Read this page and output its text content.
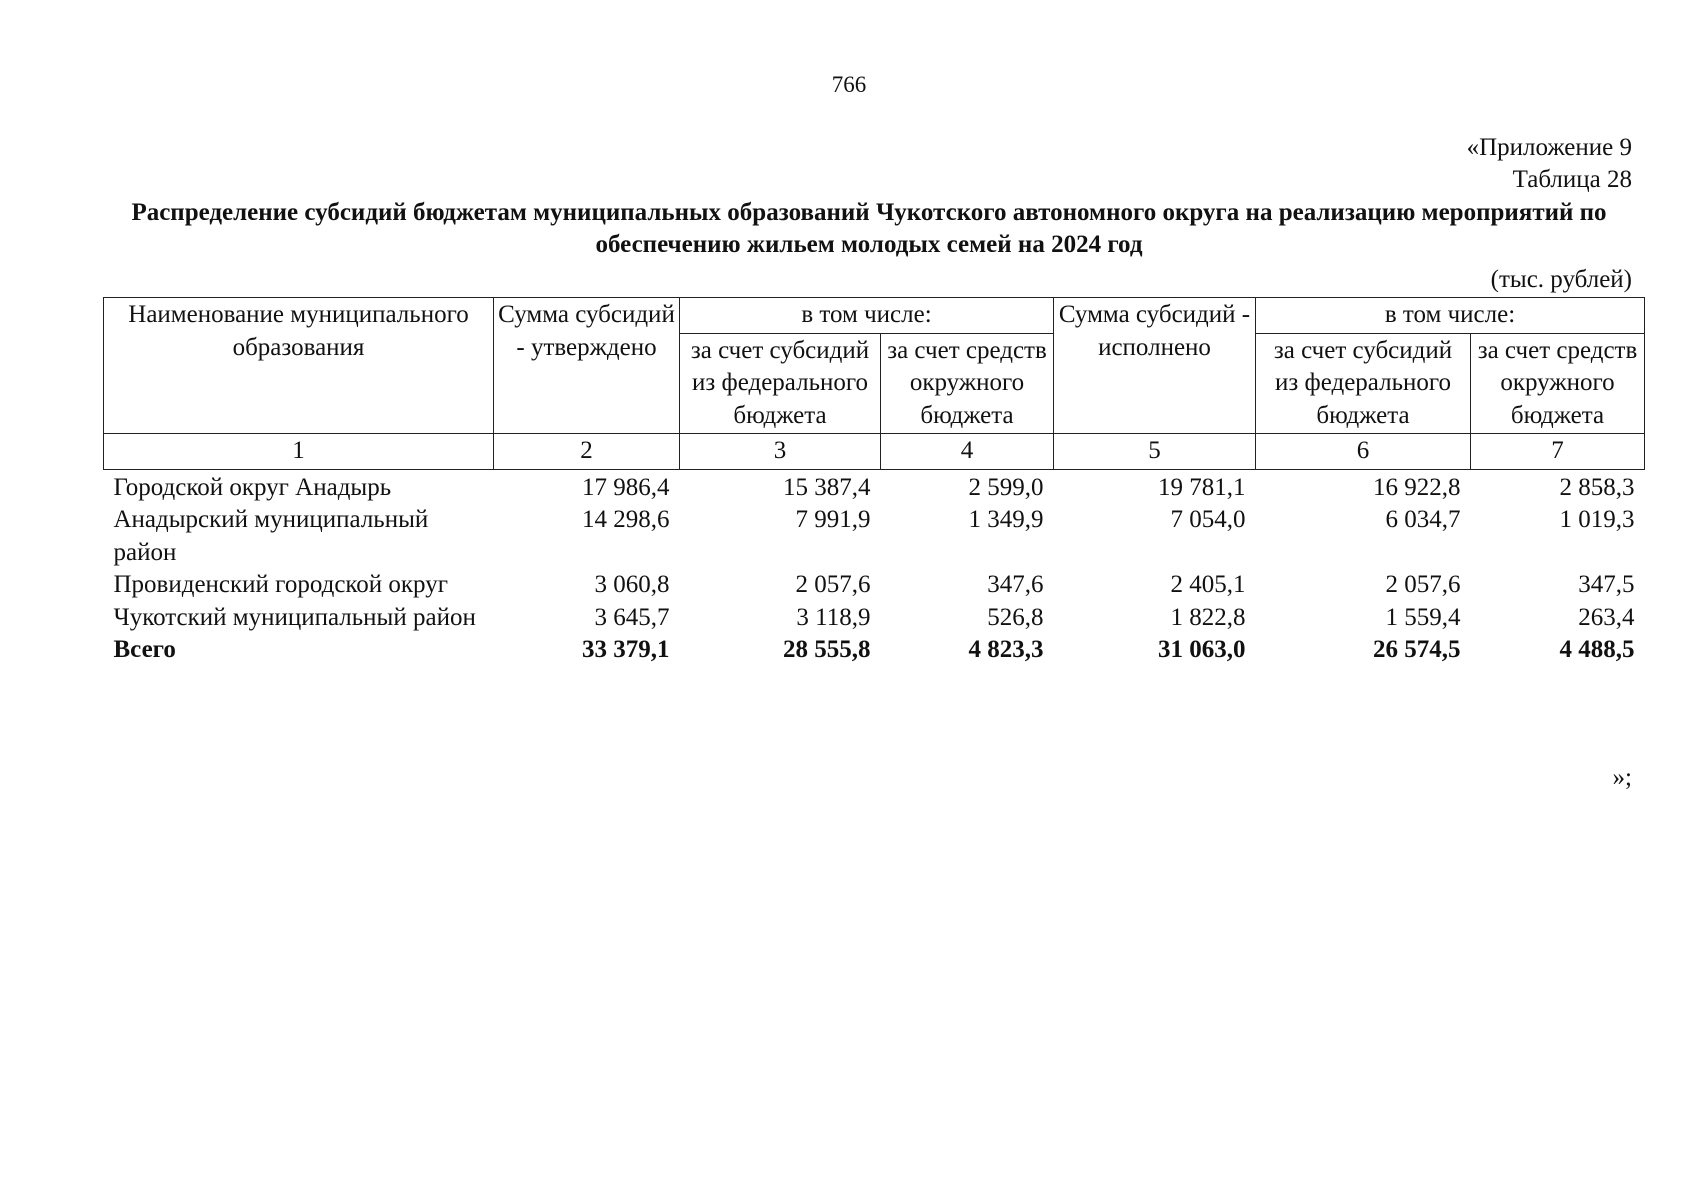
766
«Приложение 9
Таблица 28
Распределение субсидий бюджетам муниципальных образований Чукотского автономного округа на реализацию мероприятий по обеспечению жильем молодых семей на 2024 год
(тыс. рублей)
Наименование муниципального образования	Сумма субсидий - утверждено	в том числе:		Сумма субсидий - исполнено	в том числе:	
		за счет субсидий из федерального бюджета	за счет средств окружного бюджета		за счет субсидий из федерального бюджета	за счет средств окружного бюджета
1	2	3	4	5	6	7
Городской округ Анадырь	17 986,4	15 387,4	2 599,0	19 781,1	16 922,8	2 858,3
Анадырский муниципальный район	14 298,6	7 991,9	1 349,9	7 054,0	6 034,7	1 019,3
Провиденский городской округ	3 060,8	2 057,6	347,6	2 405,1	2 057,6	347,5
Чукотский муниципальный район	3 645,7	3 118,9	526,8	1 822,8	1 559,4	263,4
Всего	33 379,1	28 555,8	4 823,3	31 063,0	26 574,5	4 488,5
»;
